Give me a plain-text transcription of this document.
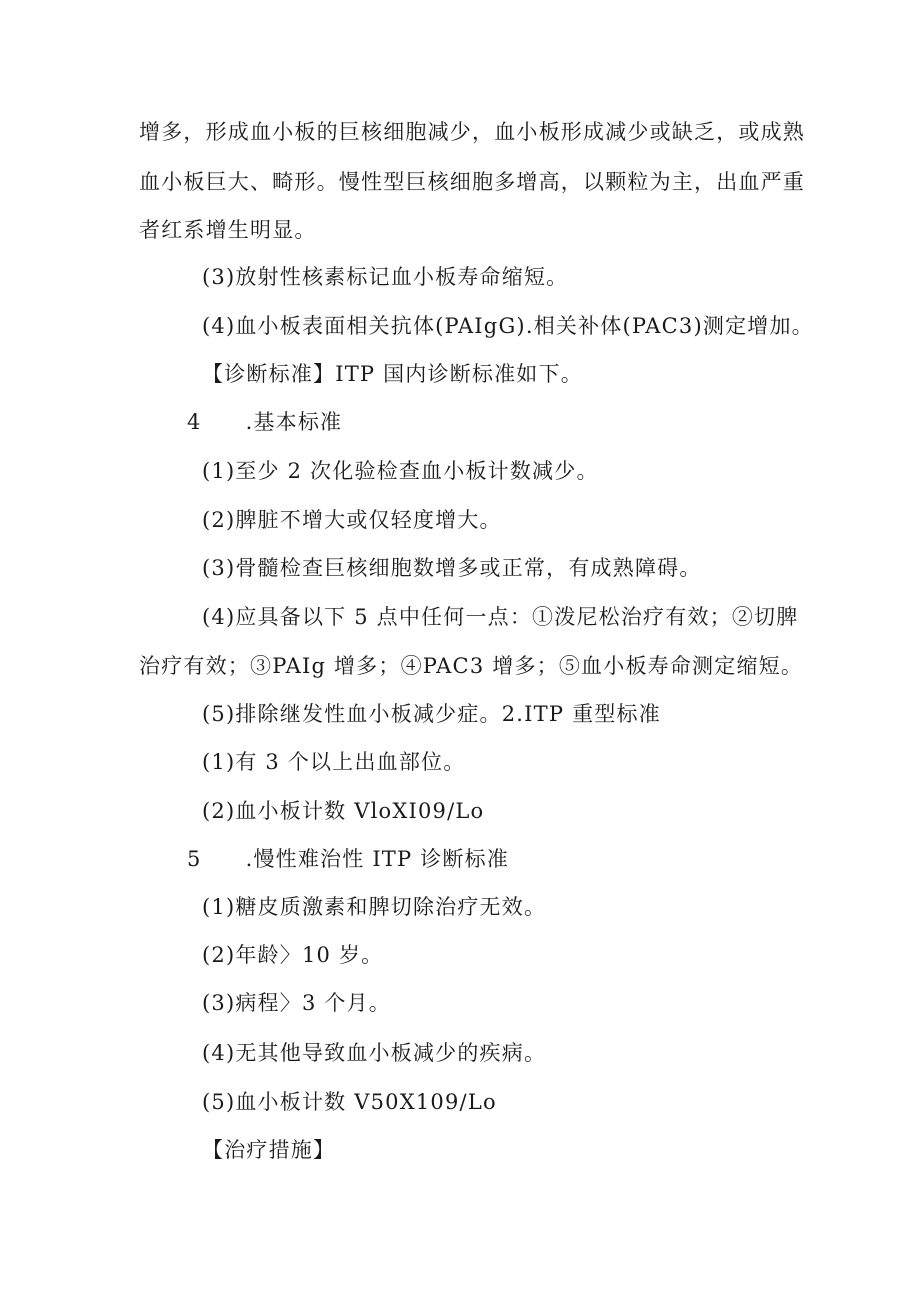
增多，形成血小板的巨核细胞减少，血小板形成减少或缺乏，或成熟
血小板巨大、畸形。慢性型巨核细胞多增高，以颗粒为主，出血严重
者红系增生明显。
(3)放射性核素标记血小板寿命缩短。
(4)血小板表面相关抗体(PAIgG).相关补体(PAC3)测定增加。
【诊断标准】ITP 国内诊断标准如下。
4 .基本标准
(1)至少 2 次化验检查血小板计数减少。
(2)脾脏不增大或仅轻度增大。
(3)骨髓检查巨核细胞数增多或正常，有成熟障碍。
(4)应具备以下 5 点中任何一点：①泼尼松治疗有效；②切脾
治疗有效；③PAIg 增多；④PAC3 增多；⑤血小板寿命测定缩短。
(5)排除继发性血小板减少症。2.ITP 重型标准
(1)有 3 个以上出血部位。
(2)血小板计数 VloXI09/Lo
5 .慢性难治性 ITP 诊断标准
(1)糖皮质激素和脾切除治疗无效。
(2)年龄〉10 岁。
(3)病程〉3 个月。
(4)无其他导致血小板减少的疾病。
(5)血小板计数 V50X109∕Lo
【治疗措施】
